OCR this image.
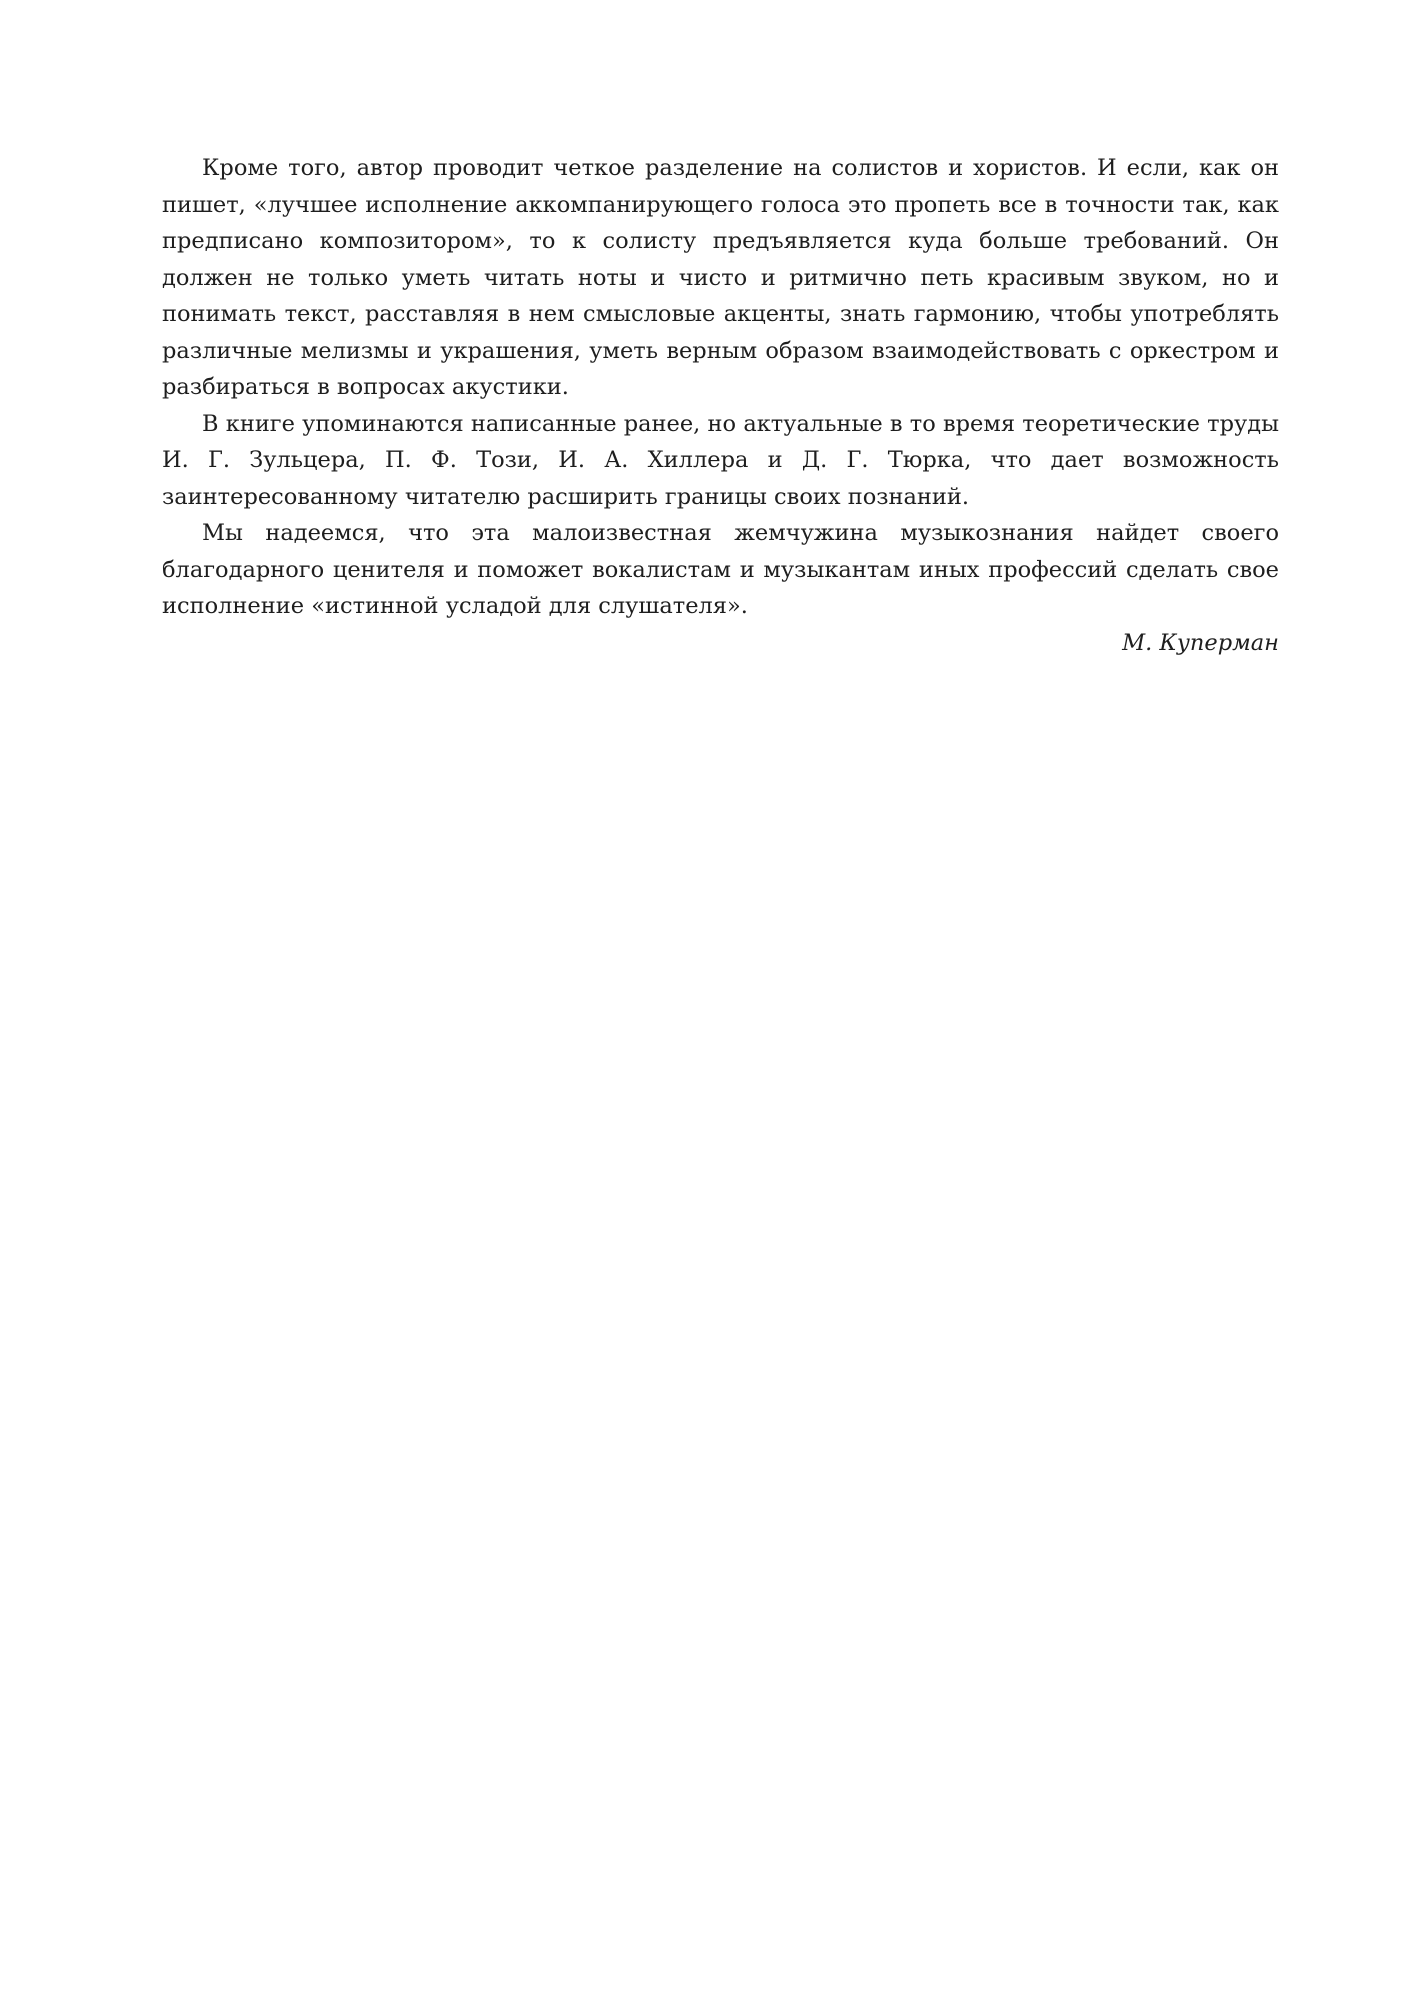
Кроме того, автор проводит четкое разделение на солистов и хористов. И если, как он пишет, «лучшее исполнение аккомпанирующего голоса это пропеть все в точности так, как предписано композитором», то к солисту предъявляется куда больше требований. Он должен не только уметь читать ноты и чисто и ритмично петь красивым звуком, но и понимать текст, расставляя в нем смысловые акценты, знать гармонию, чтобы употреблять различные мелизмы и украшения, уметь верным образом взаимодействовать с оркестром и разбираться в вопросах акустики.

В книге упоминаются написанные ранее, но актуальные в то время теоретические труды И. Г. Зульцера, П. Ф. Този, И. А. Хиллера и Д. Г. Тюрка, что дает возможность заинтересованному читателю расширить границы своих познаний.

Мы надеемся, что эта малоизвестная жемчужина музыкознания найдет своего благодарного ценителя и поможет вокалистам и музыкантам иных профессий сделать свое исполнение «истинной усладой для слушателя».

М. Куперман
